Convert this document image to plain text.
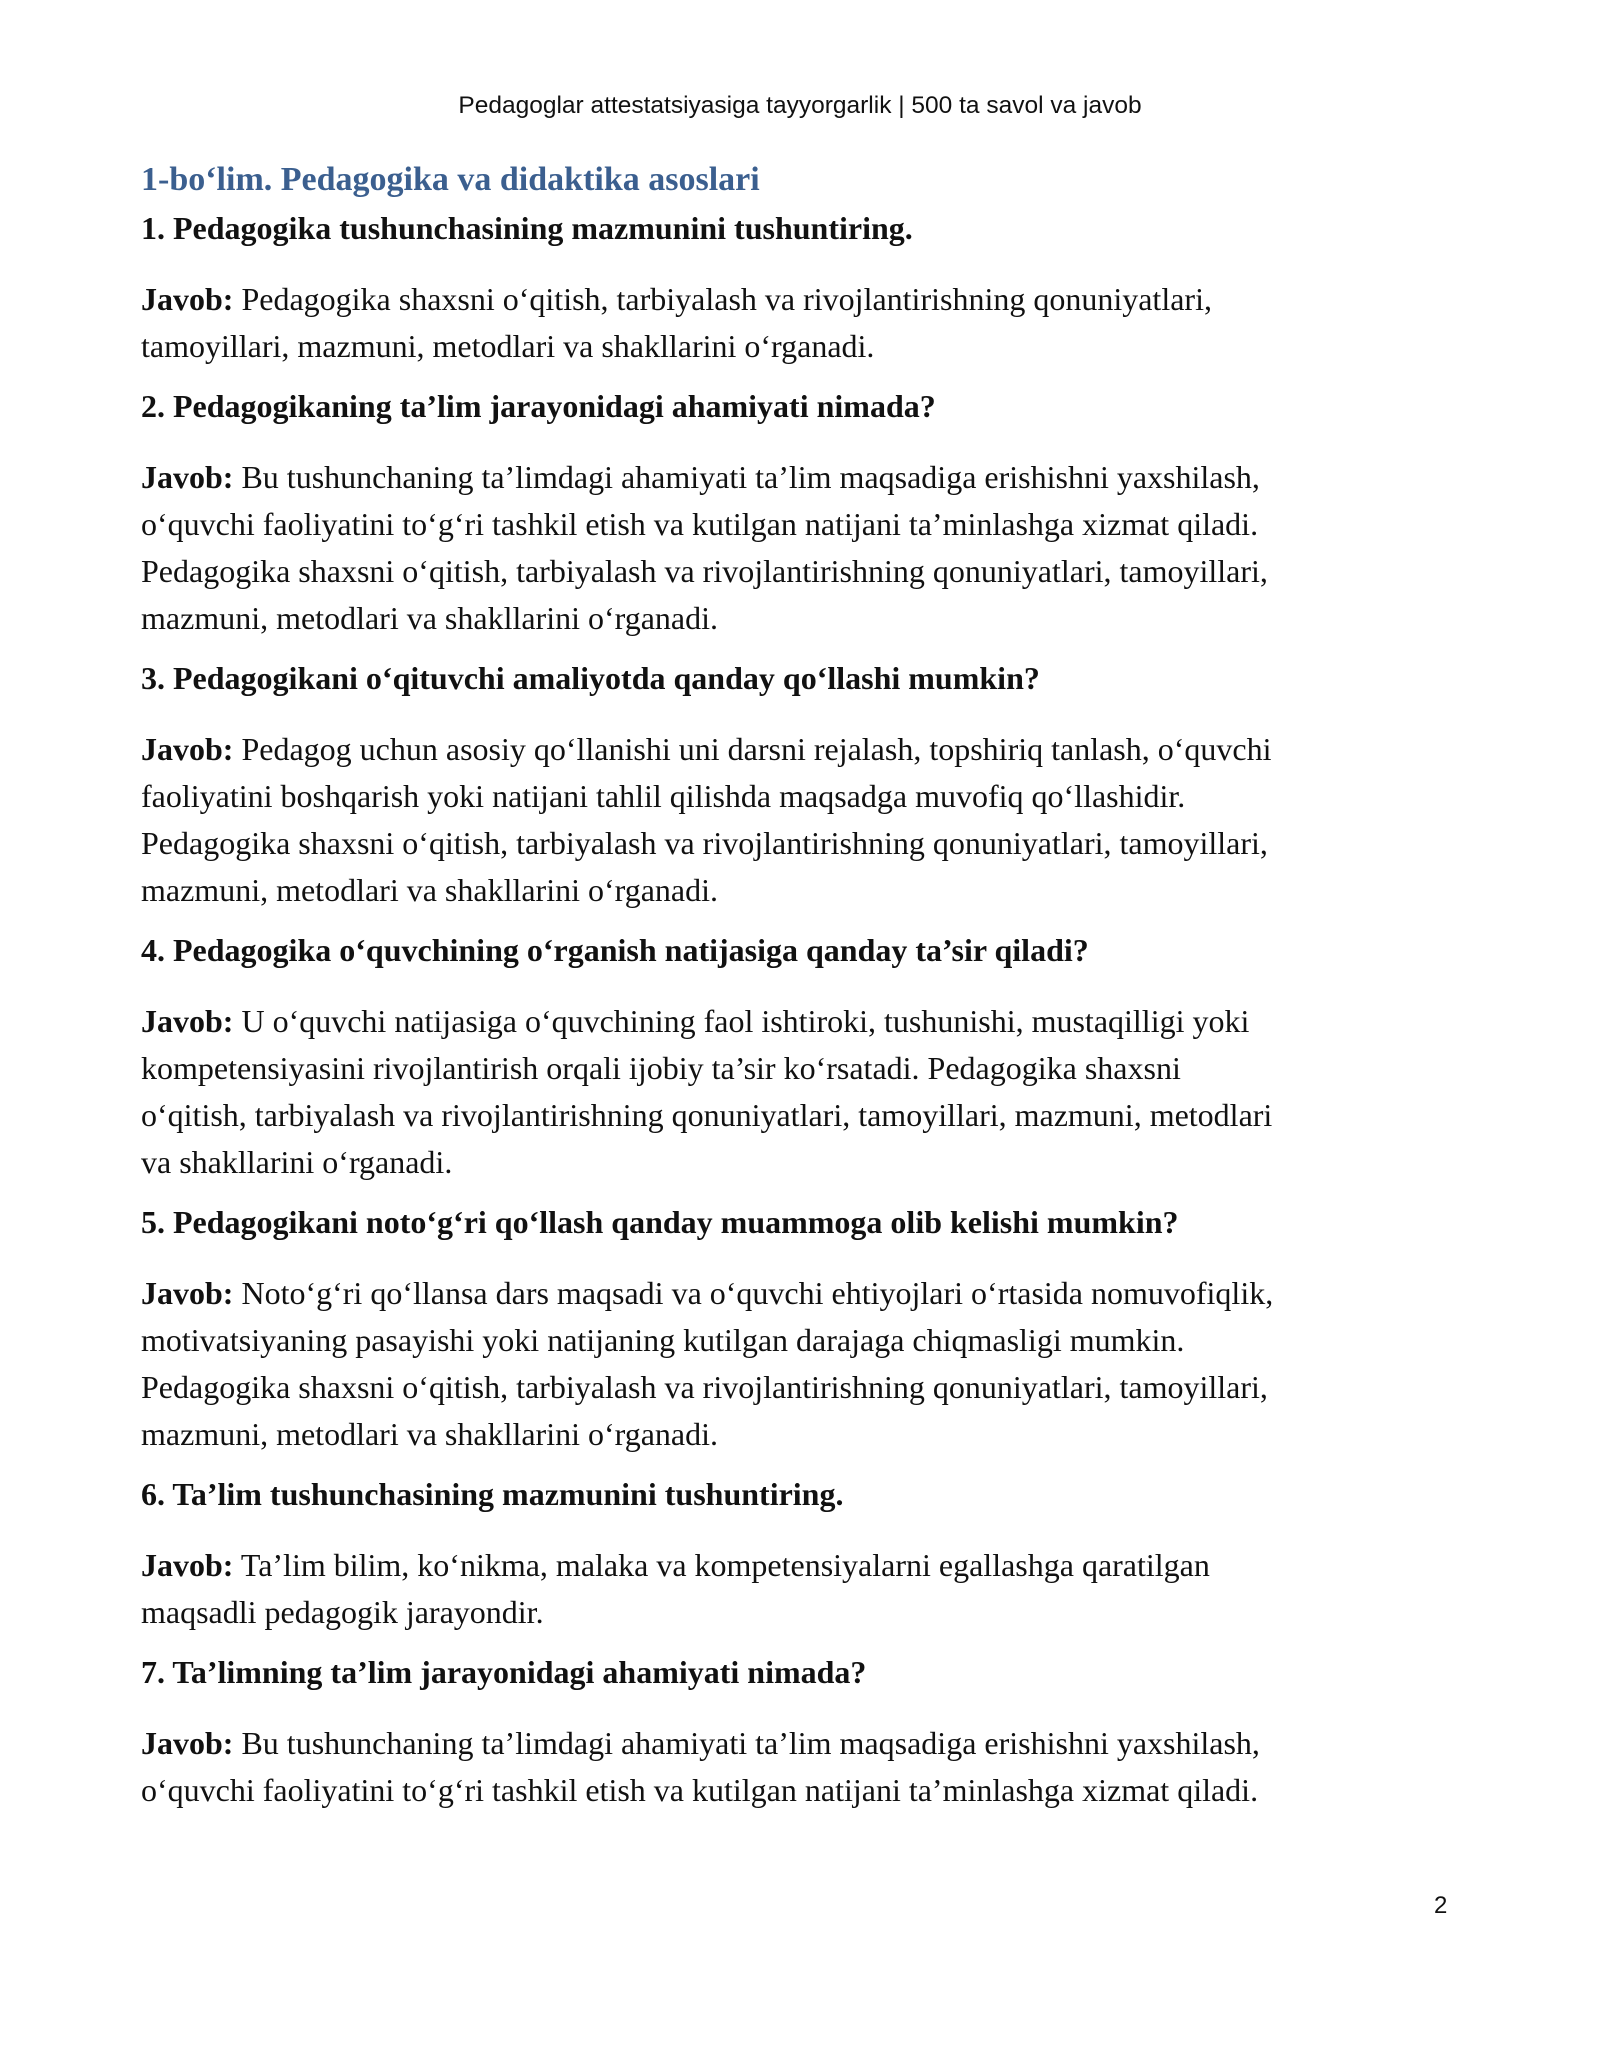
Pedagoglar attestatsiyasiga tayyorgarlik | 500 ta savol va javob
1-bo‘lim. Pedagogika va didaktika asoslari

1. Pedagogika tushunchasining mazmunini tushuntiring.

Javob: Pedagogika shaxsni o‘qitish, tarbiyalash va rivojlantirishning qonuniyatlari,
tamoyillari, mazmuni, metodlari va shakllarini o‘rganadi.

2. Pedagogikaning ta’lim jarayonidagi ahamiyati nimada?

Javob: Bu tushunchaning ta’limdagi ahamiyati ta’lim maqsadiga erishishni yaxshilash,
o‘quvchi faoliyatini to‘g‘ri tashkil etish va kutilgan natijani ta’minlashga xizmat qiladi.
Pedagogika shaxsni o‘qitish, tarbiyalash va rivojlantirishning qonuniyatlari, tamoyillari,
mazmuni, metodlari va shakllarini o‘rganadi.

3. Pedagogikani o‘qituvchi amaliyotda qanday qo‘llashi mumkin?

Javob: Pedagog uchun asosiy qo‘llanishi uni darsni rejalash, topshiriq tanlash, o‘quvchi
faoliyatini boshqarish yoki natijani tahlil qilishda maqsadga muvofiq qo‘llashidir.
Pedagogika shaxsni o‘qitish, tarbiyalash va rivojlantirishning qonuniyatlari, tamoyillari,
mazmuni, metodlari va shakllarini o‘rganadi.

4. Pedagogika o‘quvchining o‘rganish natijasiga qanday ta’sir qiladi?

Javob: U o‘quvchi natijasiga o‘quvchining faol ishtiroki, tushunishi, mustaqilligi yoki
kompetensiyasini rivojlantirish orqali ijobiy ta’sir ko‘rsatadi. Pedagogika shaxsni
o‘qitish, tarbiyalash va rivojlantirishning qonuniyatlari, tamoyillari, mazmuni, metodlari
va shakllarini o‘rganadi.

5. Pedagogikani noto‘g‘ri qo‘llash qanday muammoga olib kelishi mumkin?

Javob: Noto‘g‘ri qo‘llansa dars maqsadi va o‘quvchi ehtiyojlari o‘rtasida nomuvofiqlik,
motivatsiyaning pasayishi yoki natijaning kutilgan darajaga chiqmasligi mumkin.
Pedagogika shaxsni o‘qitish, tarbiyalash va rivojlantirishning qonuniyatlari, tamoyillari,
mazmuni, metodlari va shakllarini o‘rganadi.

6. Ta’lim tushunchasining mazmunini tushuntiring.

Javob: Ta’lim bilim, ko‘nikma, malaka va kompetensiyalarni egallashga qaratilgan
maqsadli pedagogik jarayondir.

7. Ta’limning ta’lim jarayonidagi ahamiyati nimada?

Javob: Bu tushunchaning ta’limdagi ahamiyati ta’lim maqsadiga erishishni yaxshilash,
o‘quvchi faoliyatini to‘g‘ri tashkil etish va kutilgan natijani ta’minlashga xizmat qiladi.
2
